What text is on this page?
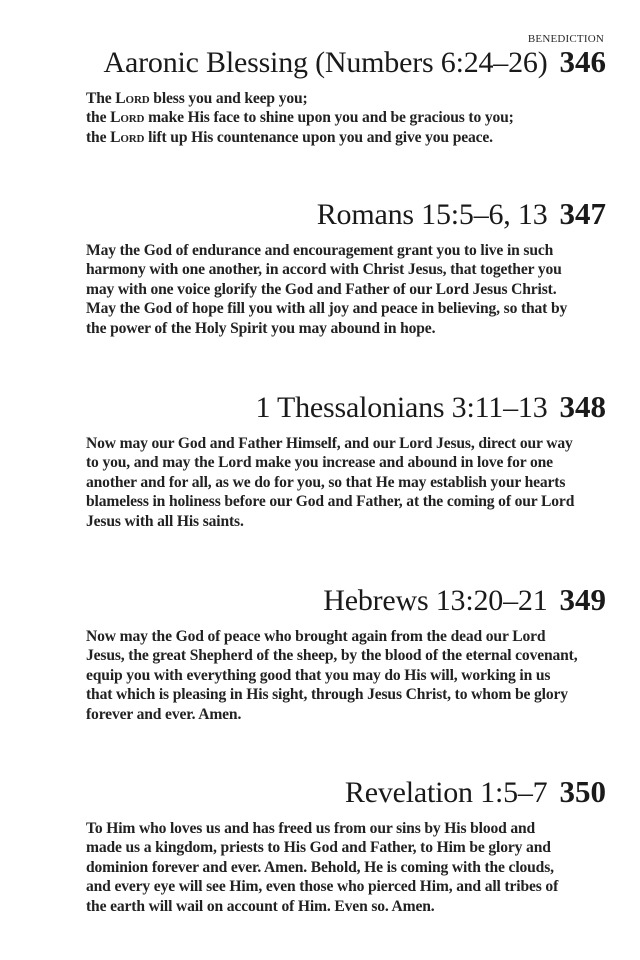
BENEDICTION
Aaronic Blessing (Numbers 6:24–26) 346
The Lord bless you and keep you;
the Lord make His face to shine upon you and be gracious to you;
the Lord lift up His countenance upon you and give you peace.
Romans 15:5–6, 13 347
May the God of endurance and encouragement grant you to live in such
harmony with one another, in accord with Christ Jesus, that together you
may with one voice glorify the God and Father of our Lord Jesus Christ.
May the God of hope fill you with all joy and peace in believing, so that by
the power of the Holy Spirit you may abound in hope.
1 Thessalonians 3:11–13 348
Now may our God and Father Himself, and our Lord Jesus, direct our way
to you, and may the Lord make you increase and abound in love for one
another and for all, as we do for you, so that He may establish your hearts
blameless in holiness before our God and Father, at the coming of our Lord
Jesus with all His saints.
Hebrews 13:20–21 349
Now may the God of peace who brought again from the dead our Lord
Jesus, the great Shepherd of the sheep, by the blood of the eternal covenant,
equip you with everything good that you may do His will, working in us
that which is pleasing in His sight, through Jesus Christ, to whom be glory
forever and ever. Amen.
Revelation 1:5–7 350
To Him who loves us and has freed us from our sins by His blood and
made us a kingdom, priests to His God and Father, to Him be glory and
dominion forever and ever. Amen. Behold, He is coming with the clouds,
and every eye will see Him, even those who pierced Him, and all tribes of
the earth will wail on account of Him. Even so. Amen.
